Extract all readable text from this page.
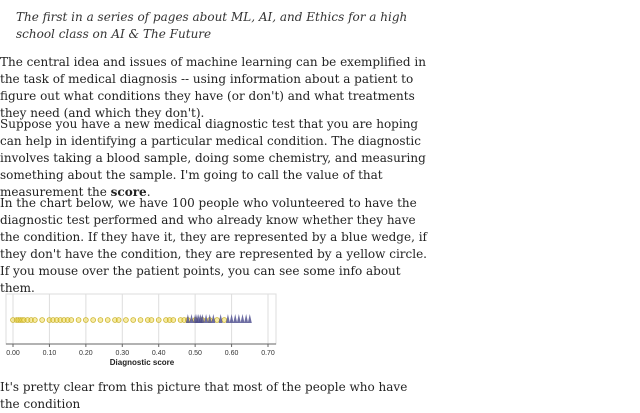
The first in a series of pages about ML, AI, and Ethics for a high school class on AI & The Future

The central idea and issues of machine learning can be exemplified in the task of medical diagnosis -- using information about a patient to figure out what conditions they have (or don't) and what treatments they need (and which they don't).

Suppose you have a new medical diagnostic test that you are hoping can help in identifying a particular medical condition. The diagnostic involves taking a blood sample, doing some chemistry, and measuring something about the sample. I'm going to call the value of that measurement the score.

In the chart below, we have 100 people who volunteered to have the diagnostic test performed and who already know whether they have the condition. If they have it, they are represented by a blue wedge, if they don't have the condition, they are represented by a yellow circle. If you mouse over the patient points, you can see some info about them.

0.00	0.10	0.20	0.30	0.40	0.50	0.60	0.70
Diagnostic score

It's pretty clear from this picture that most of the people who have the condition
